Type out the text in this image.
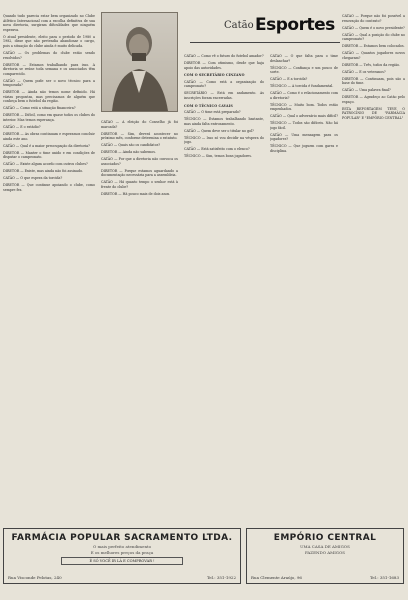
Quando tudo parecia estar bem organizado no Clube Atlético Internacional com a escolha definitiva de sua nova diretoria, surgiram dificuldades que ninguém esperava.

O atual presidente, eleito para o período de 1980 a 1982, disse que não pretendia abandonar o cargo, pois a situação do clube ainda é muito delicada.

CATÃO — Os problemas do clube estão sendo resolvidos?

DIRETOR — Estamos trabalhando para isso. A diretoria se reúne toda semana e os associados têm comparecido.

CATÃO — Quem pode ser o novo técnico para a temporada?

DIRETOR — Ainda não temos nome definido. Há várias propostas, mas precisamos de alguém que conheça bem o futebol da região.

CATÃO — Como está a situação financeira?

DIRETOR — Difícil, como em quase todos os clubes do interior. Mas temos esperança.

CATÃO — E o estádio?

DIRETOR — As obras continuam e esperamos concluir ainda este ano.

CATÃO — Qual é a maior preocupação da diretoria?

DIRETOR — Manter o time unido e em condições de disputar o campeonato.

CATÃO — Existe algum acordo com outros clubes?

DIRETOR — Existe, mas ainda não foi assinado.

CATÃO — O que espera da torcida?

DIRETOR — Que continue apoiando o clube, como sempre fez.

CATÃO — A eleição do Conselho já foi marcada?

DIRETOR — Sim, deverá acontecer no próximo mês, conforme determina o estatuto.

CATÃO — Quais são os candidatos?

DIRETOR — Ainda não sabemos.

CATÃO — Por que a diretoria não convoca os associados?

DIRETOR — Porque estamos aguardando a documentação necessária para a assembleia.

CATÃO — Há quanto tempo o senhor está à frente do clube?

DIRETOR — Há pouco mais de dois anos.

Catão Esportes

CATÃO — Como vê o futuro do futebol amador?

DIRETOR — Com otimismo, desde que haja apoio das autoridades.

COM O SECRETÁRIO CINZANO

CATÃO — Como está a organização do campeonato?

SECRETÁRIO — Está em andamento. As inscrições foram encerradas.

COM O TÉCNICO CAVAIS

CATÃO — O time está preparado?

TÉCNICO — Estamos trabalhando bastante, mas ainda falta entrosamento.

CATÃO — Quem deve ser o titular no gol?

TÉCNICO — Isso só vou decidir na véspera do jogo.

CATÃO — Está satisfeito com o elenco?

TÉCNICO — Sim, temos bons jogadores.

CATÃO — O que falta para o time deslanchar?

TÉCNICO — Confiança e um pouco de sorte.

CATÃO — E a torcida?

TÉCNICO — A torcida é fundamental.

CATÃO — Como é o relacionamento com a diretoria?

TÉCNICO — Muito bom. Todos estão empenhados.

CATÃO — Qual o adversário mais difícil?

TÉCNICO — Todos são difíceis. Não há jogo fácil.

CATÃO — Uma mensagem para os jogadores?

TÉCNICO — Que joguem com garra e disciplina.

CATÃO — Porque não foi possível a renovação do contrato?

CATÃO — Quem é o novo presidente?

CATÃO — Qual a posição do clube no campeonato?

DIRETOR — Estamos bem colocados.

CATÃO — Quantos jogadores novos chegaram?

DIRETOR — Três, todos da região.

CATÃO — E os veteranos?

DIRETOR — Continuam, pois são a base do time.

CATÃO — Uma palavra final?

DIRETOR — Agradeço ao Catão pelo espaço.

ESTA REPORTAGEM TEVE O PATROCÍNIO DE "FARMÁCIA POPULAR" E "EMPÓRIO CENTRAL"

FARMÁCIA POPULAR SACRAMENTO LTDA.
O mais perfeito atendimento
E os melhores preços da praça
É SÓ VOCÊ IR LÁ E COMPROVAR !
Rua Visconde Pelotas, 240	Tel.: 351-1922
EMPÓRIO CENTRAL
UMA CASA DE AMIGOS
FAZENDO AMIGOS
Rua Clemente Araújo, 96	Tel.: 351-1683
